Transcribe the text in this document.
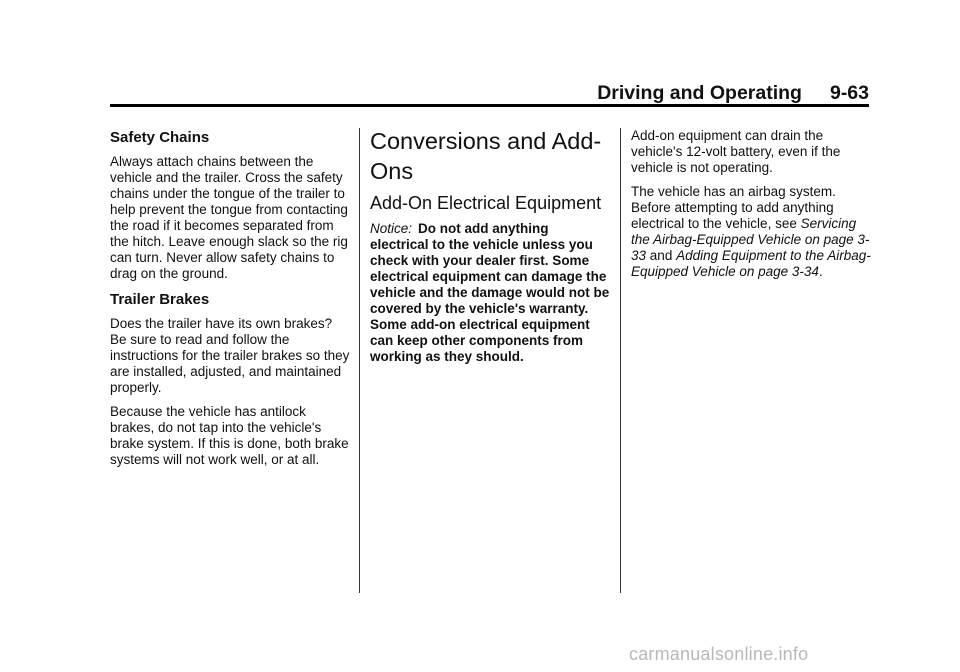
Driving and Operating 9-63
Safety Chains

Always attach chains between the vehicle and the trailer. Cross the safety chains under the tongue of the trailer to help prevent the tongue from contacting the road if it becomes separated from the hitch. Leave enough slack so the rig can turn. Never allow safety chains to drag on the ground.

Trailer Brakes

Does the trailer have its own brakes? Be sure to read and follow the instructions for the trailer brakes so they are installed, adjusted, and maintained properly.

Because the vehicle has antilock brakes, do not tap into the vehicle's brake system. If this is done, both brake systems will not work well, or at all.

Conversions and Add-Ons
Add-On Electrical Equipment

Notice: Do not add anything electrical to the vehicle unless you check with your dealer first. Some electrical equipment can damage the vehicle and the damage would not be covered by the vehicle's warranty. Some add-on electrical equipment can keep other components from working as they should.

Add-on equipment can drain the vehicle's 12-volt battery, even if the vehicle is not operating.

The vehicle has an airbag system. Before attempting to add anything electrical to the vehicle, see Servicing the Airbag-Equipped Vehicle on page 3-33 and Adding Equipment to the Airbag-Equipped Vehicle on page 3-34.

carmanualsonline.info
